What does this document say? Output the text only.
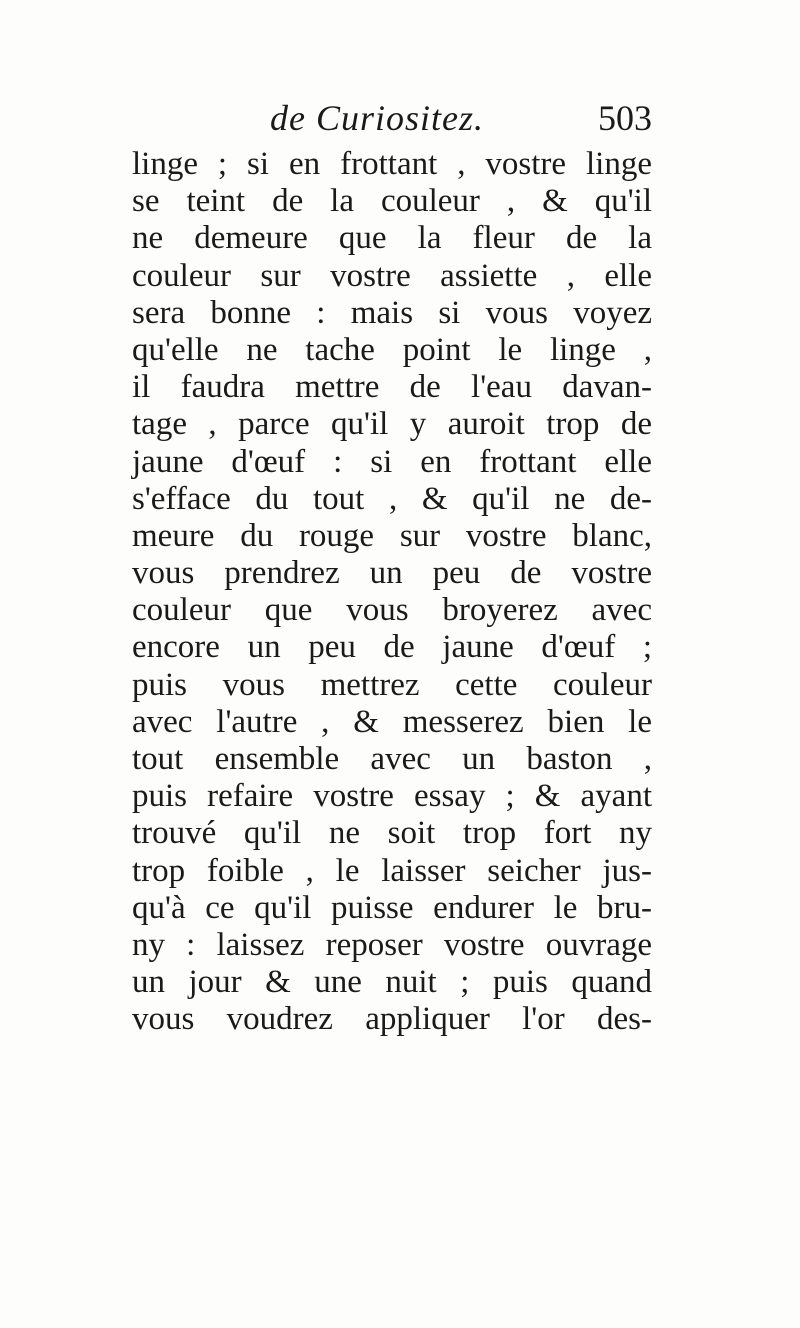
de Curiositez.	503
linge ; si en frottant , vostre linge
se teint de la couleur , & qu'il
ne demeure que la fleur de la
couleur sur vostre assiette , elle
sera bonne : mais si vous voyez
qu'elle ne tache point le linge ,
il faudra mettre de l'eau davan-
tage , parce qu'il y auroit trop de
jaune d'œuf : si en frottant elle
s'efface du tout , & qu'il ne de-
meure du rouge sur vostre blanc,
vous prendrez un peu de vostre
couleur que vous broyerez avec
encore un peu de jaune d'œuf ;
puis vous mettrez cette couleur
avec l'autre , & messerez bien le
tout ensemble avec un baston ,
puis refaire vostre essay ; & ayant
trouvé qu'il ne soit trop fort ny
trop foible , le laisser seicher jus-
qu'à ce qu'il puisse endurer le bru-
ny : laissez reposer vostre ouvrage
un jour & une nuit ; puis quand
vous voudrez appliquer l'or des-
